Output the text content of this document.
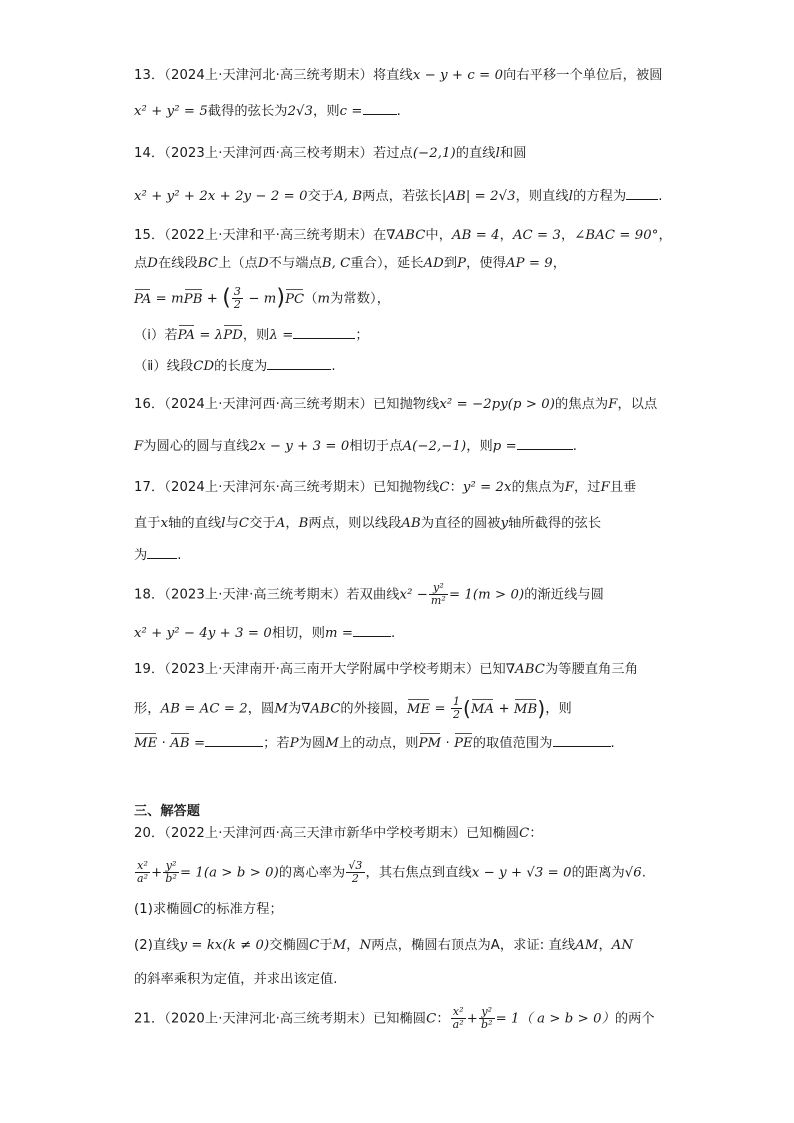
13．（2024上·天津河北·高三统考期末）将直线x − y + c = 0向右平移一个单位后，被圆
x² + y² = 5截得的弦长为2√3，则c =	.
14．（2023上·天津河西·高三校考期末）若过点(−2,1)的直线l和圆
x² + y² + 2x + 2y − 2 = 0交于A, B两点，若弦长|AB| = 2√3，则直线l的方程为 .
15．（2022上·天津和平·高三统考期末）在∇ABC中，AB = 4，AC = 3，∠BAC = 90°，
点D在线段BC上（点D不与端点B, C重合），延长AD到P，使得AP = 9，
PA = mPB + ( $\frac{3}{2} - m)PC(m$为常数），
（ⅰ）若PA = λPD，则λ =	；
（ⅱ）线段CD的长度为	.
16．（2024上·天津河西·高三统考期末）已知抛物线x² = −2py(p > 0)的焦点为F，以点
F为圆心的圆与直线2x − y + 3 = 0相切于点A(−2,−1)，则p =	.
17．（2024上·天津河东·高三统考期末）已知抛物线C：y² = 2x的焦点为F，过F且垂
直于x轴的直线l与C交于A，B两点，则以线段AB为直径的圆被y轴所截得的弦长
为 .
18．（2023上·天津·高三统考期末）若双曲线$x^2 - \frac{\text{y²}}{\text{m²}} = 1(m > 0)$的渐近线与圆
x² + y² − 4y + 3 = 0相切，则m =	.
19．（2023上·天津南开·高三南开大学附属中学校考期末）已知∇ABC为等腰直角三角
形，AB = AC = 2，圆M为∇ABC的外接圆，ME = $\frac{1}{2} (MA + MB)$，则
ME · AB =	；若P为圆M上的动点，则PM · PE的取值范围为	.
三、解答题
20．（2022上·天津河西·高三天津市新华中学校考期末）已知椭圆C：
$\frac{\text{x²}}{\text{a²}} + \frac{\text{y²}}{\text{b²}} = 1(a > b > 0)$的离心率为 $\frac{√3}{2}$ ，其右焦点到直线x − y + √3 = 0的距离为√6.
(1)求椭圆C的标准方程；
(2)直线y = kx(k ≠ 0)交椭圆C于M，N两点，椭圆右顶点为A，求证: 直线AM，AN
的斜率乘积为定值，并求出该定值.
21．（2020上·天津河北·高三统考期末）已知椭圆C： $\frac{\text{x²}}{\text{a²}} + \frac{\text{y²}}{\text{b²}} = 1$（ a > b > 0）的两个
